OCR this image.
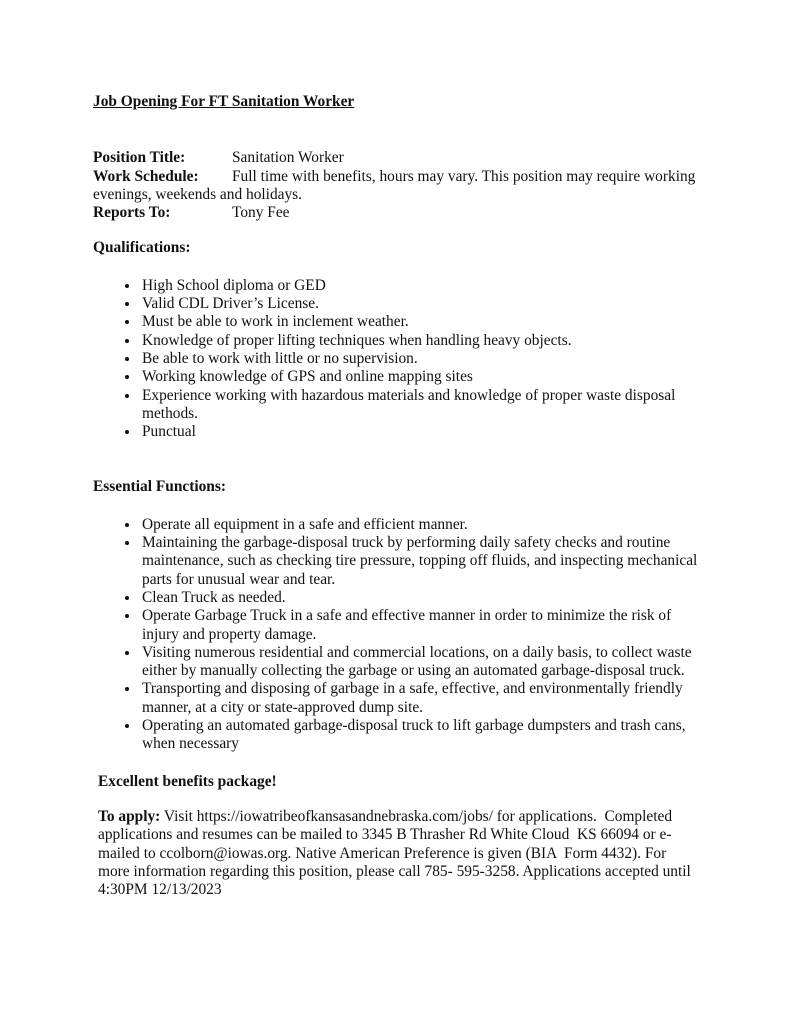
Job Opening For FT Sanitation Worker

Position Title:	Sanitation Worker

Work Schedule: Full time with benefits, hours may vary. This position may require working evenings, weekends and holidays.

Reports To:	Tony Fee

Qualifications:
• High School diploma or GED
• Valid CDL Driver’s License.
• Must be able to work in inclement weather.
• Knowledge of proper lifting techniques when handling heavy objects.
• Be able to work with little or no supervision.
• Working knowledge of GPS and online mapping sites
• Experience working with hazardous materials and knowledge of proper waste disposal methods.
• Punctual
Essential Functions:
• Operate all equipment in a safe and efficient manner.
• Maintaining the garbage-disposal truck by performing daily safety checks and routine maintenance, such as checking tire pressure, topping off fluids, and inspecting mechanical parts for unusual wear and tear.
• Clean Truck as needed.
• Operate Garbage Truck in a safe and effective manner in order to minimize the risk of injury and property damage.
• Visiting numerous residential and commercial locations, on a daily basis, to collect waste either by manually collecting the garbage or using an automated garbage-disposal truck.
• Transporting and disposing of garbage in a safe, effective, and environmentally friendly manner, at a city or state-approved dump site.
• Operating an automated garbage-disposal truck to lift garbage dumpsters and trash cans, when necessary

Excellent benefits package!

To apply: Visit https://iowatribeofkansasandnebraska.com/jobs/ for applications.  Completed applications and resumes can be mailed to 3345 B Thrasher Rd White Cloud  KS 66094 or e-mailed to ccolborn@iowas.org. Native American Preference is given (BIA  Form 4432). For more information regarding this position, please call 785- 595-3258. Applications accepted until 4:30PM 12/13/2023
